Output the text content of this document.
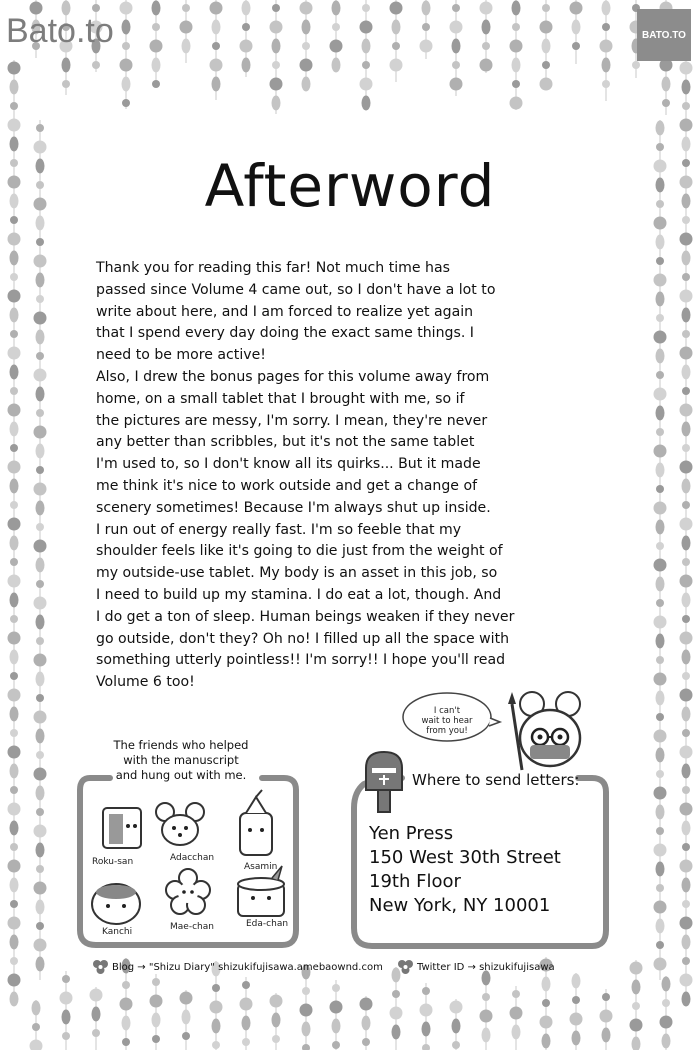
Bato.to	BATO.TO
Afterword

Thank you for reading this far! Not much time has

passed since Volume 4 came out, so I don't have a lot to

write about here, and I am forced to realize yet again

that I spend every day doing the exact same things. I

need to be more active!

Also, I drew the bonus pages for this volume away from

home, on a small tablet that I brought with me, so if

the pictures are messy, I'm sorry. I mean, they're never

any better than scribbles, but it's not the same tablet

I'm used to, so I don't know all its quirks... But it made

me think it's nice to work outside and get a change of

scenery sometimes! Because I'm always shut up inside.

I run out of energy really fast. I'm so feeble that my

shoulder feels like it's going to die just from the weight of

my outside-use tablet. My body is an asset in this job, so

I need to build up my stamina. I do eat a lot, though. And

I do get a ton of sleep. Human beings weaken if they never

go outside, don't they? Oh no! I filled up all the space with

something utterly pointless!! I'm sorry!! I hope you'll read

Volume 6 too!

The friends who helped
with the manuscript
and hung out with me.
Roku-san	Adacchan
Asamin
Kanchi	Mae-chan	Eda-chan
I can't
wait to hear
from you!
Where to send letters:
Yen Press
150 West 30th Street
19th Floor
New York, NY 10001
Blog → "Shizu Diary" shizukifujisawa.amebaownd.com	Twitter ID → shizukifujisawa
